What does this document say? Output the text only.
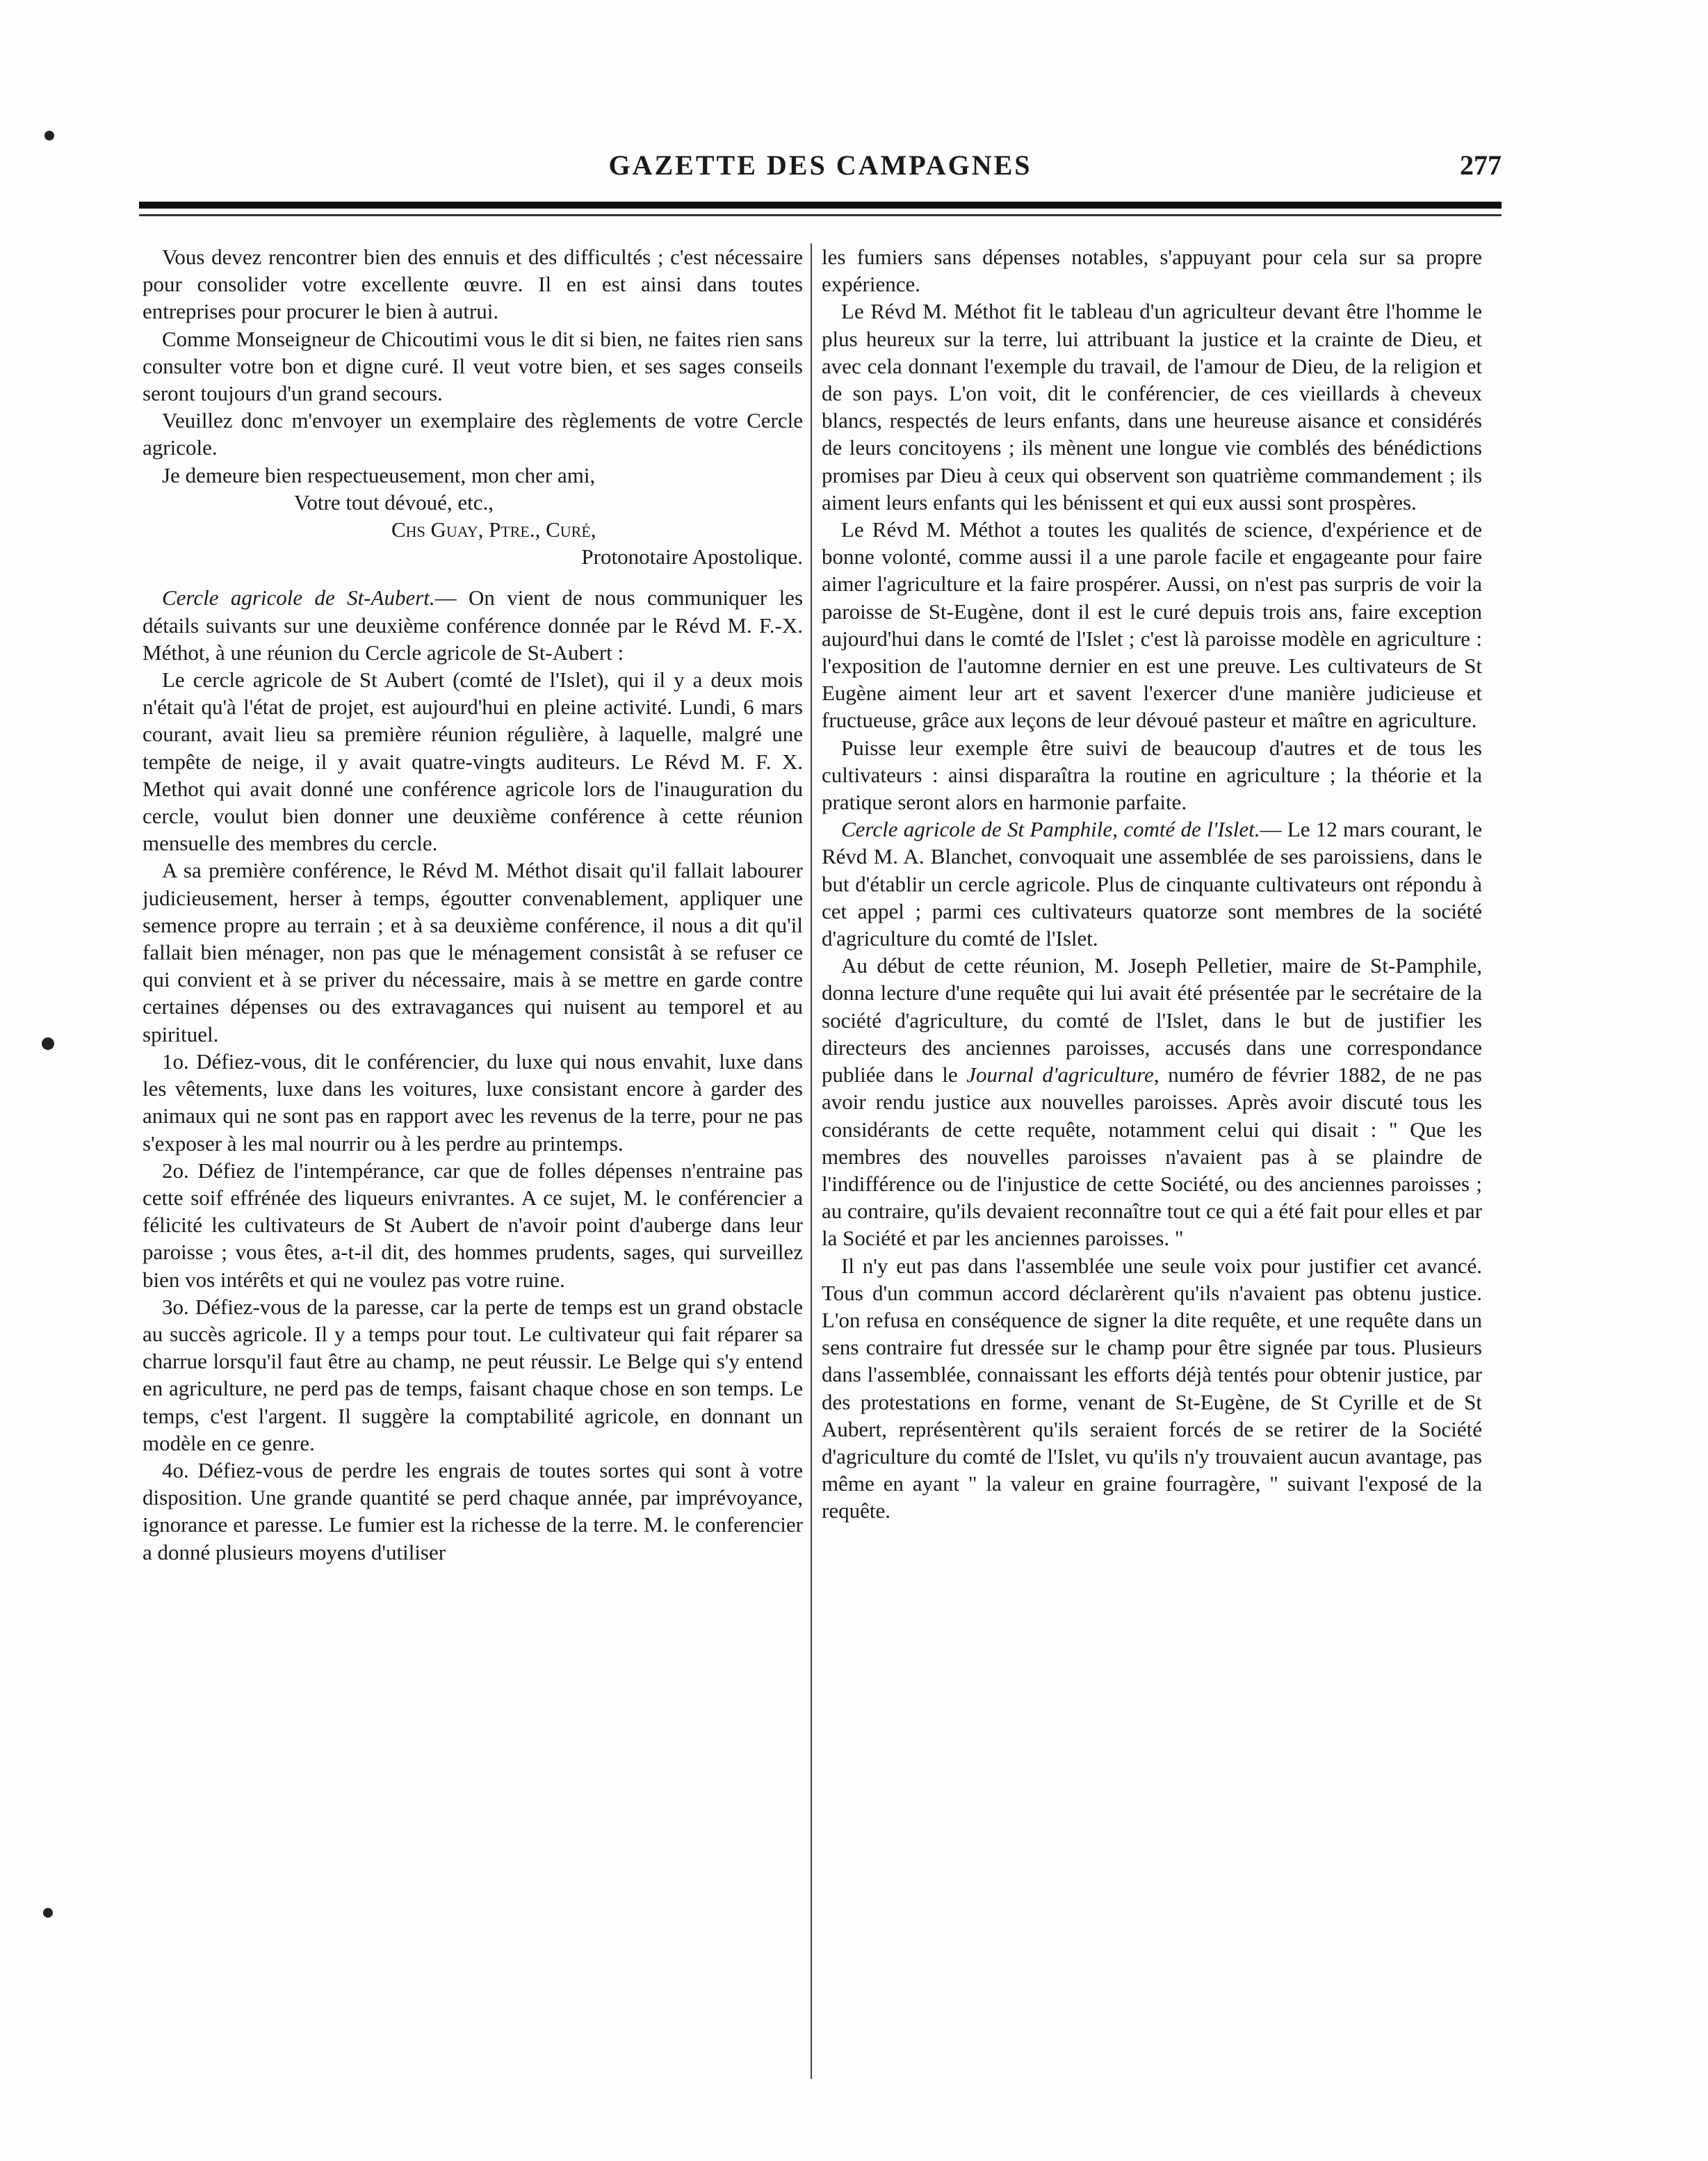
GAZETTE DES CAMPAGNES	277

Vous devez rencontrer bien des ennuis et des difficultés ; c'est nécessaire pour consolider votre excellente œuvre. Il en est ainsi dans toutes entreprises pour procurer le bien à autrui.

Comme Monseigneur de Chicoutimi vous le dit si bien, ne faites rien sans consulter votre bon et digne curé. Il veut votre bien, et ses sages conseils seront toujours d'un grand secours.

Veuillez donc m'envoyer un exemplaire des règlements de votre Cercle agricole.

Je demeure bien respectueusement, mon cher ami,

Votre tout dévoué, etc.,

Chs Guay, Ptre., Curé,

Protonotaire Apostolique.

Cercle agricole de St-Aubert.— On vient de nous communiquer les détails suivants sur une deuxième conférence donnée par le Révd M. F.-X. Méthot, à une réunion du Cercle agricole de St-Aubert :

Le cercle agricole de St Aubert (comté de l'Islet), qui il y a deux mois n'était qu'à l'état de projet, est aujourd'hui en pleine activité. Lundi, 6 mars courant, avait lieu sa première réunion régulière, à laquelle, malgré une tempête de neige, il y avait quatre-vingts auditeurs. Le Révd M. F. X. Methot qui avait donné une conférence agricole lors de l'inauguration du cercle, voulut bien donner une deuxième conférence à cette réunion mensuelle des membres du cercle.

A sa première conférence, le Révd M. Méthot disait qu'il fallait labourer judicieusement, herser à temps, égoutter convenablement, appliquer une semence propre au terrain ; et à sa deuxième conférence, il nous a dit qu'il fallait bien ménager, non pas que le ménagement consistât à se refuser ce qui convient et à se priver du nécessaire, mais à se mettre en garde contre certaines dépenses ou des extravagances qui nuisent au temporel et au spirituel.

1o. Défiez-vous, dit le conférencier, du luxe qui nous envahit, luxe dans les vêtements, luxe dans les voitures, luxe consistant encore à garder des animaux qui ne sont pas en rapport avec les revenus de la terre, pour ne pas s'exposer à les mal nourrir ou à les perdre au printemps.

2o. Défiez de l'intempérance, car que de folles dépenses n'entraine pas cette soif effrénée des liqueurs enivrantes. A ce sujet, M. le conférencier a félicité les cultivateurs de St Aubert de n'avoir point d'auberge dans leur paroisse ; vous êtes, a-t-il dit, des hommes prudents, sages, qui surveillez bien vos intérêts et qui ne voulez pas votre ruine.

3o. Défiez-vous de la paresse, car la perte de temps est un grand obstacle au succès agricole. Il y a temps pour tout. Le cultivateur qui fait réparer sa charrue lorsqu'il faut être au champ, ne peut réussir. Le Belge qui s'y entend en agriculture, ne perd pas de temps, faisant chaque chose en son temps. Le temps, c'est l'argent. Il suggère la comptabilité agricole, en donnant un modèle en ce genre.

4o. Défiez-vous de perdre les engrais de toutes sortes qui sont à votre disposition. Une grande quantité se perd chaque année, par imprévoyance, ignorance et paresse. Le fumier est la richesse de la terre. M. le conferencier a donné plusieurs moyens d'utiliser

les fumiers sans dépenses notables, s'appuyant pour cela sur sa propre expérience.

Le Révd M. Méthot fit le tableau d'un agriculteur devant être l'homme le plus heureux sur la terre, lui attribuant la justice et la crainte de Dieu, et avec cela donnant l'exemple du travail, de l'amour de Dieu, de la religion et de son pays. L'on voit, dit le conférencier, de ces vieillards à cheveux blancs, respectés de leurs enfants, dans une heureuse aisance et considérés de leurs concitoyens ; ils mènent une longue vie comblés des bénédictions promises par Dieu à ceux qui observent son quatrième commandement ; ils aiment leurs enfants qui les bénissent et qui eux aussi sont prospères.

Le Révd M. Méthot a toutes les qualités de science, d'expérience et de bonne volonté, comme aussi il a une parole facile et engageante pour faire aimer l'agriculture et la faire prospérer. Aussi, on n'est pas surpris de voir la paroisse de St-Eugène, dont il est le curé depuis trois ans, faire exception aujourd'hui dans le comté de l'Islet ; c'est là paroisse modèle en agriculture : l'exposition de l'automne dernier en est une preuve. Les cultivateurs de St Eugène aiment leur art et savent l'exercer d'une manière judicieuse et fructueuse, grâce aux leçons de leur dévoué pasteur et maître en agriculture.

Puisse leur exemple être suivi de beaucoup d'autres et de tous les cultivateurs : ainsi disparaîtra la routine en agriculture ; la théorie et la pratique seront alors en harmonie parfaite.

Cercle agricole de St Pamphile, comté de l'Islet.— Le 12 mars courant, le Révd M. A. Blanchet, convoquait une assemblée de ses paroissiens, dans le but d'établir un cercle agricole. Plus de cinquante cultivateurs ont répondu à cet appel ; parmi ces cultivateurs quatorze sont membres de la société d'agriculture du comté de l'Islet.

Au début de cette réunion, M. Joseph Pelletier, maire de St-Pamphile, donna lecture d'une requête qui lui avait été présentée par le secrétaire de la société d'agriculture, du comté de l'Islet, dans le but de justifier les directeurs des anciennes paroisses, accusés dans une correspondance publiée dans le Journal d'agriculture, numéro de février 1882, de ne pas avoir rendu justice aux nouvelles paroisses. Après avoir discuté tous les considérants de cette requête, notamment celui qui disait : " Que les membres des nouvelles paroisses n'avaient pas à se plaindre de l'indifférence ou de l'injustice de cette Société, ou des anciennes paroisses ; au contraire, qu'ils devaient reconnaître tout ce qui a été fait pour elles et par la Société et par les anciennes paroisses. "

Il n'y eut pas dans l'assemblée une seule voix pour justifier cet avancé. Tous d'un commun accord déclarèrent qu'ils n'avaient pas obtenu justice. L'on refusa en conséquence de signer la dite requête, et une requête dans un sens contraire fut dressée sur le champ pour être signée par tous. Plusieurs dans l'assemblée, connaissant les efforts déjà tentés pour obtenir justice, par des protestations en forme, venant de St-Eugène, de St Cyrille et de St Aubert, représentèrent qu'ils seraient forcés de se retirer de la Société d'agriculture du comté de l'Islet, vu qu'ils n'y trouvaient aucun avantage, pas même en ayant " la valeur en graine fourragère, " suivant l'exposé de la requête.
